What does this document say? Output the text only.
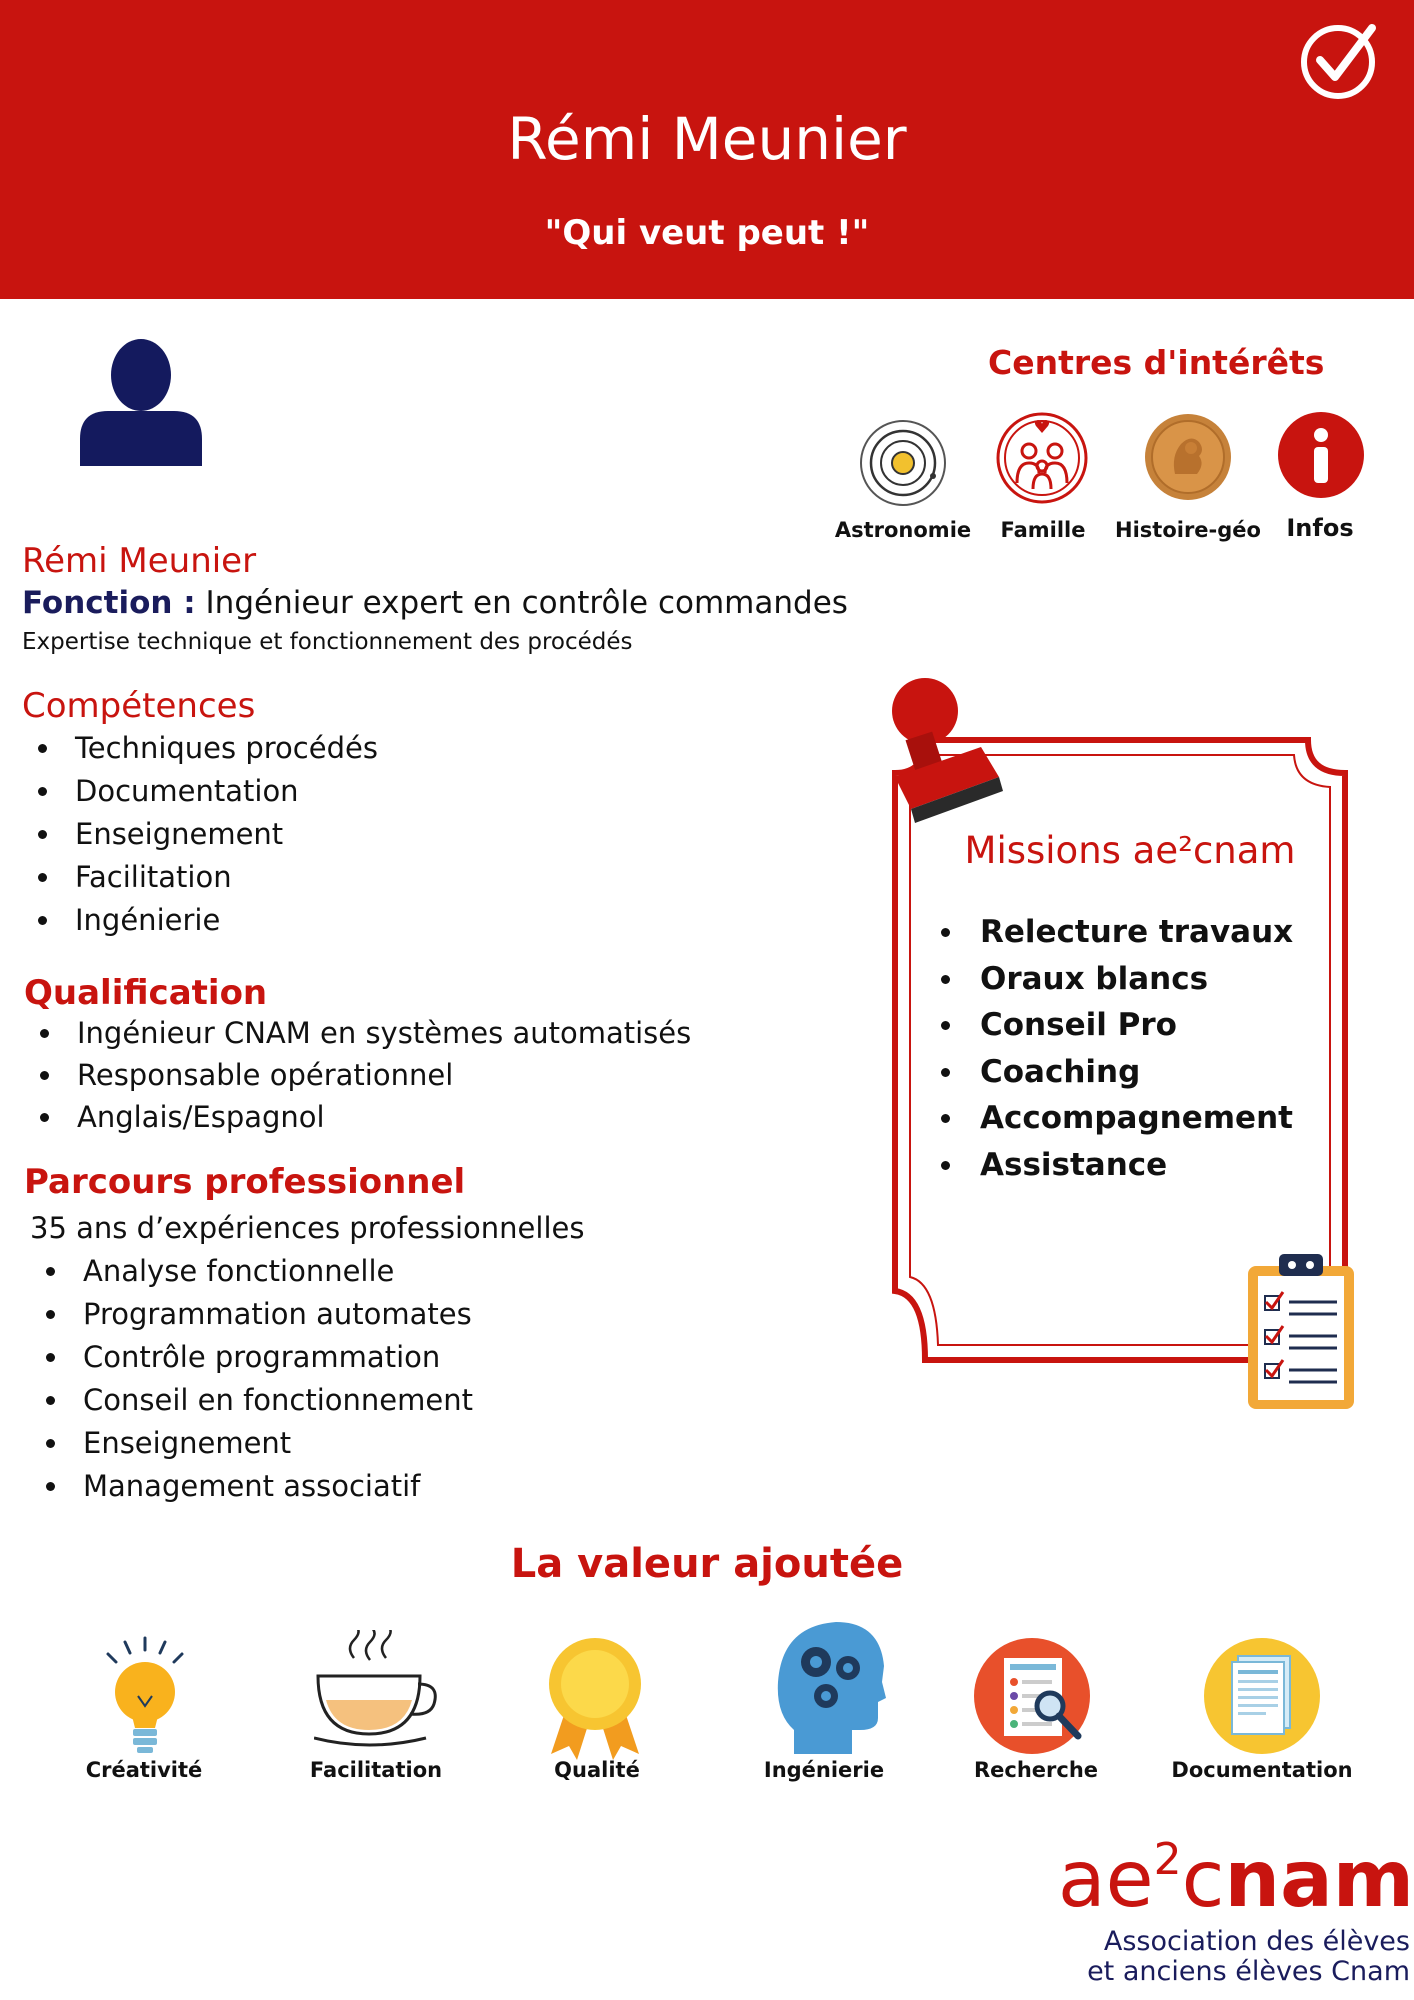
Rémi Meunier
"Qui veut peut !"
Centres d'intérêts
Astronomie	Famille	Histoire-géo	Infos
Rémi Meunier
Fonction : Ingénieur expert en contrôle commandes
Expertise technique et fonctionnement des procédés
Compétences
Techniques procédés
Documentation
Enseignement
Facilitation
Ingénierie
Qualification
Ingénieur CNAM en systèmes automatisés
Responsable opérationnel
Anglais/Espagnol
Parcours professionnel
35 ans d’expériences professionnelles
Analyse fonctionnelle
Programmation automates
Contrôle programmation
Conseil en fonctionnement
Enseignement
Management associatif
Missions ae²cnam
Relecture travaux
Oraux blancs
Conseil Pro
Coaching
Accompagnement
Assistance
La valeur ajoutée
Créativité	Facilitation	Qualité	Ingénierie	Recherche	Documentation
$ae^2cnam$
Association des élèves
et anciens élèves Cnam
